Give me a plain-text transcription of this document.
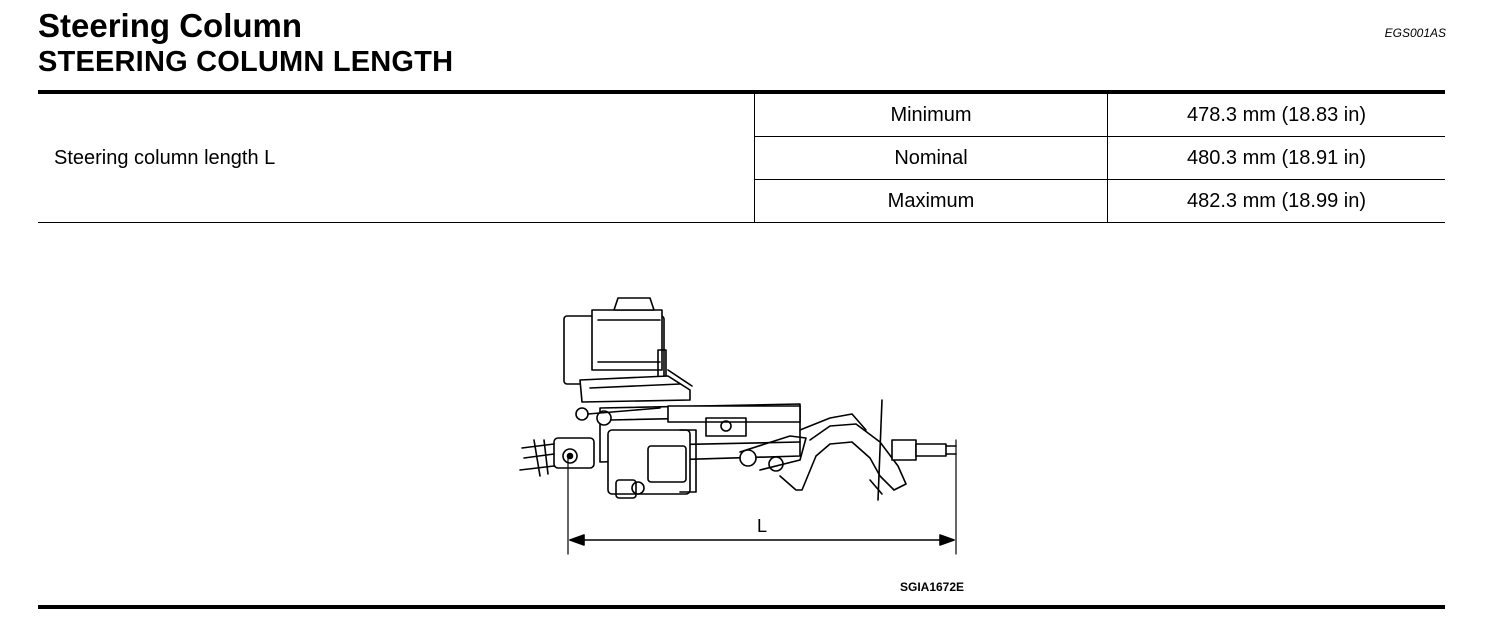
Steering Column
STEERING COLUMN LENGTH
EGS001AS
Steering column length L	Minimum	478.3 mm (18.83 in)
	Nominal	480.3 mm (18.91 in)
	Maximum	482.3 mm (18.99 in)
L
SGIA1672E
